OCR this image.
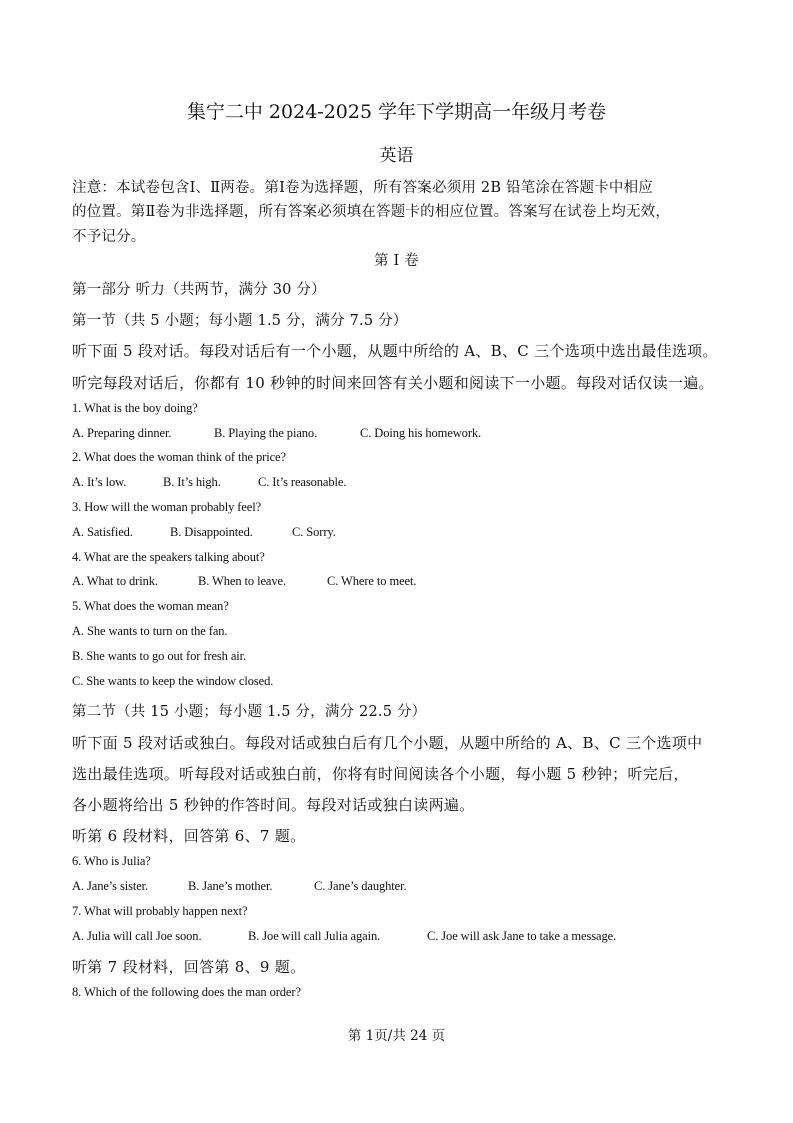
集宁二中 2024-2025 学年下学期高一年级月考卷
英语
注意：本试卷包含Ⅰ、Ⅱ两卷。第Ⅰ卷为选择题，所有答案必须用 2B 铅笔涂在答题卡中相应
的位置。第Ⅱ卷为非选择题，所有答案必须填在答题卡的相应位置。答案写在试卷上均无效，
不予记分。
第 I 卷
第一部分 听力（共两节，满分 30 分）
第一节（共 5 小题；每小题 1.5 分，满分 7.5 分）
听下面 5 段对话。每段对话后有一个小题，从题中所给的 A、B、C 三个选项中选出最佳选项。
听完每段对话后，你都有 10 秒钟的时间来回答有关小题和阅读下一小题。每段对话仅读一遍。
1. What is the boy doing?
A. Preparing dinner.	B. Playing the piano.	C. Doing his homework.
2. What does the woman think of the price?
A. It’s low.	B. It’s high.	C. It’s reasonable.
3. How will the woman probably feel?
A. Satisfied.	B. Disappointed.	C. Sorry.
4. What are the speakers talking about?
A. What to drink.	B. When to leave.	C. Where to meet.
5. What does the woman mean?
A. She wants to turn on the fan.
B. She wants to go out for fresh air.
C. She wants to keep the window closed.
第二节（共 15 小题；每小题 1.5 分，满分 22.5 分）
听下面 5 段对话或独白。每段对话或独白后有几个小题，从题中所给的 A、B、C 三个选项中
选出最佳选项。听每段对话或独白前，你将有时间阅读各个小题，每小题 5 秒钟；听完后，
各小题将给出 5 秒钟的作答时间。每段对话或独白读两遍。
听第 6 段材料，回答第 6、7 题。
6. Who is Julia?
A. Jane’s sister.	B. Jane’s mother.	C. Jane’s daughter.
7. What will probably happen next?
A. Julia will call Joe soon.	B. Joe will call Julia again.	C. Joe will ask Jane to take a message.
听第 7 段材料，回答第 8、9 题。
8. Which of the following does the man order?
第 1页/共 24 页
